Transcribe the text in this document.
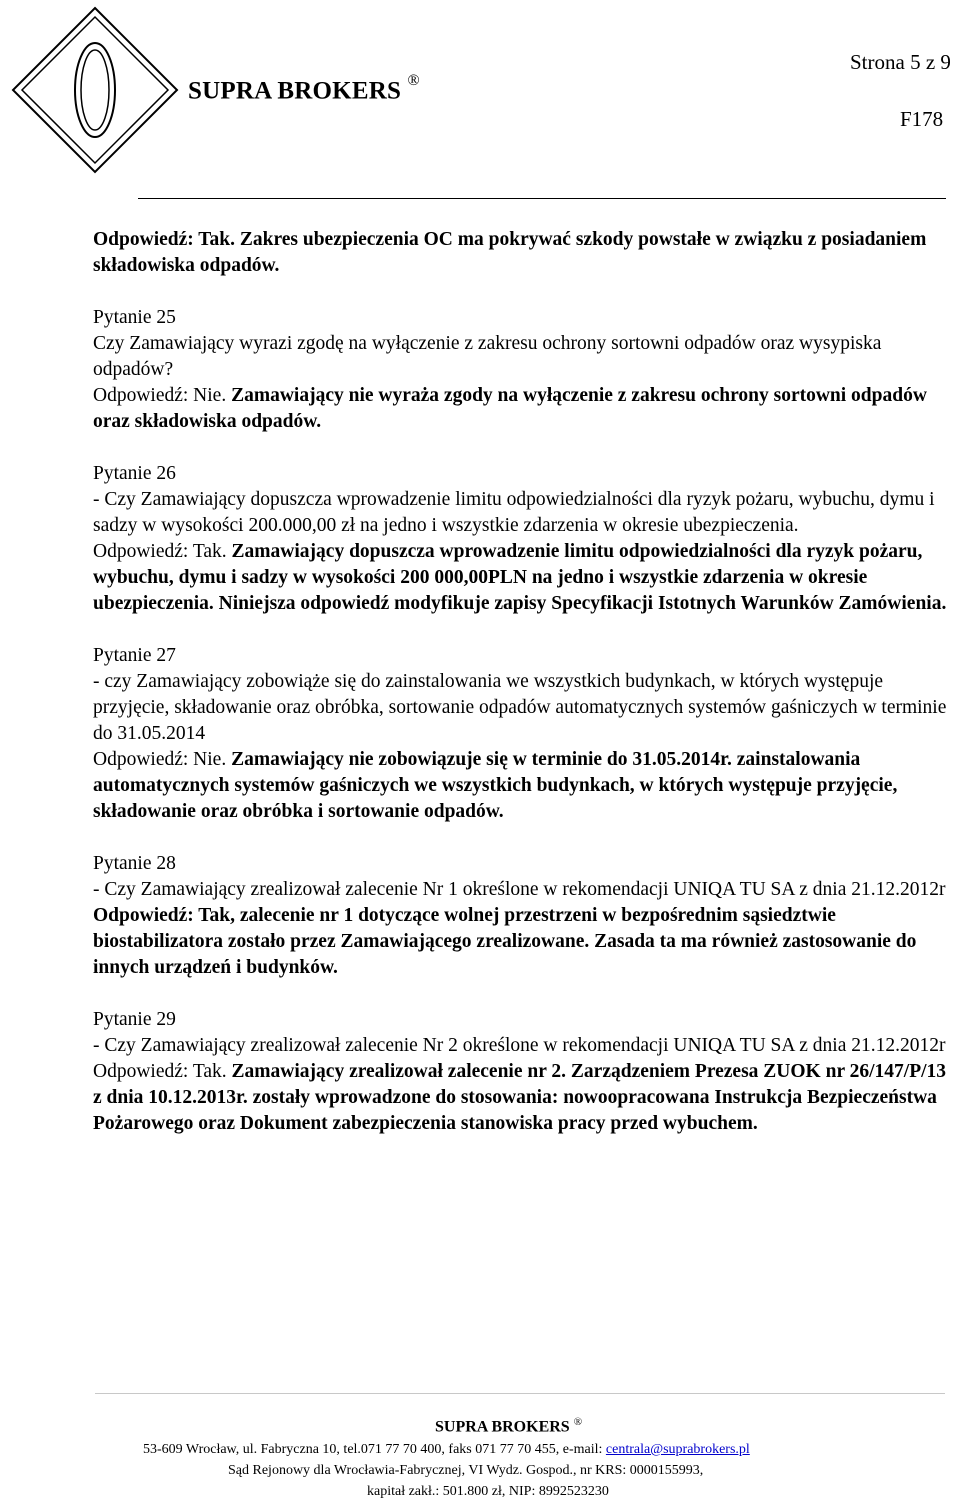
SUPRA BROKERS ®
Strona 5 z 9
F178

Odpowiedź: Tak. Zakres ubezpieczenia OC ma pokrywać szkody powstałe w związku z posiadaniem składowiska odpadów.

Pytanie 25

Czy Zamawiający wyrazi zgodę na wyłączenie z zakresu ochrony sortowni odpadów oraz wysypiska odpadów?

Odpowiedź: Nie. Zamawiający nie wyraża zgody na wyłączenie z zakresu ochrony sortowni odpadów oraz składowiska odpadów.

Pytanie 26

- Czy Zamawiający dopuszcza wprowadzenie limitu odpowiedzialności dla ryzyk pożaru, wybuchu, dymu i sadzy w wysokości 200.000,00 zł na jedno i wszystkie zdarzenia w okresie ubezpieczenia.

Odpowiedź: Tak. Zamawiający dopuszcza wprowadzenie limitu odpowiedzialności dla ryzyk pożaru, wybuchu, dymu i sadzy w wysokości 200 000,00PLN na jedno i wszystkie zdarzenia w okresie ubezpieczenia. Niniejsza odpowiedź modyfikuje zapisy Specyfikacji Istotnych Warunków Zamówienia.

Pytanie 27

- czy Zamawiający zobowiąże się do zainstalowania we wszystkich budynkach, w których występuje przyjęcie, składowanie oraz obróbka, sortowanie odpadów automatycznych systemów gaśniczych w terminie do 31.05.2014

Odpowiedź: Nie. Zamawiający nie zobowiązuje się w terminie do 31.05.2014r. zainstalowania automatycznych systemów gaśniczych we wszystkich budynkach, w których występuje przyjęcie, składowanie oraz obróbka i sortowanie odpadów.

Pytanie 28

- Czy Zamawiający zrealizował zalecenie Nr 1 określone w rekomendacji UNIQA TU SA z dnia 21.12.2012r

Odpowiedź: Tak, zalecenie nr 1 dotyczące wolnej przestrzeni w bezpośrednim sąsiedztwie biostabilizatora zostało przez Zamawiającego zrealizowane. Zasada ta ma również zastosowanie do innych urządzeń i budynków.

Pytanie 29

- Czy Zamawiający zrealizował zalecenie Nr 2 określone w rekomendacji UNIQA TU SA z dnia 21.12.2012r

Odpowiedź: Tak. Zamawiający zrealizował zalecenie nr 2. Zarządzeniem Prezesa ZUOK nr 26/147/P/13 z dnia 10.12.2013r. zostały wprowadzone do stosowania: nowoopracowana Instrukcja Bezpieczeństwa Pożarowego oraz Dokument zabezpieczenia stanowiska pracy przed wybuchem.

SUPRA BROKERS ®
53-609 Wrocław, ul. Fabryczna 10, tel.071 77 70 400, faks 071 77 70 455, e-mail: centrala@suprabrokers.pl
Sąd Rejonowy dla Wrocławia-Fabrycznej, VI Wydz. Gospod., nr KRS: 0000155993,
kapitał zakł.: 501.800 zł, NIP: 8992523230
